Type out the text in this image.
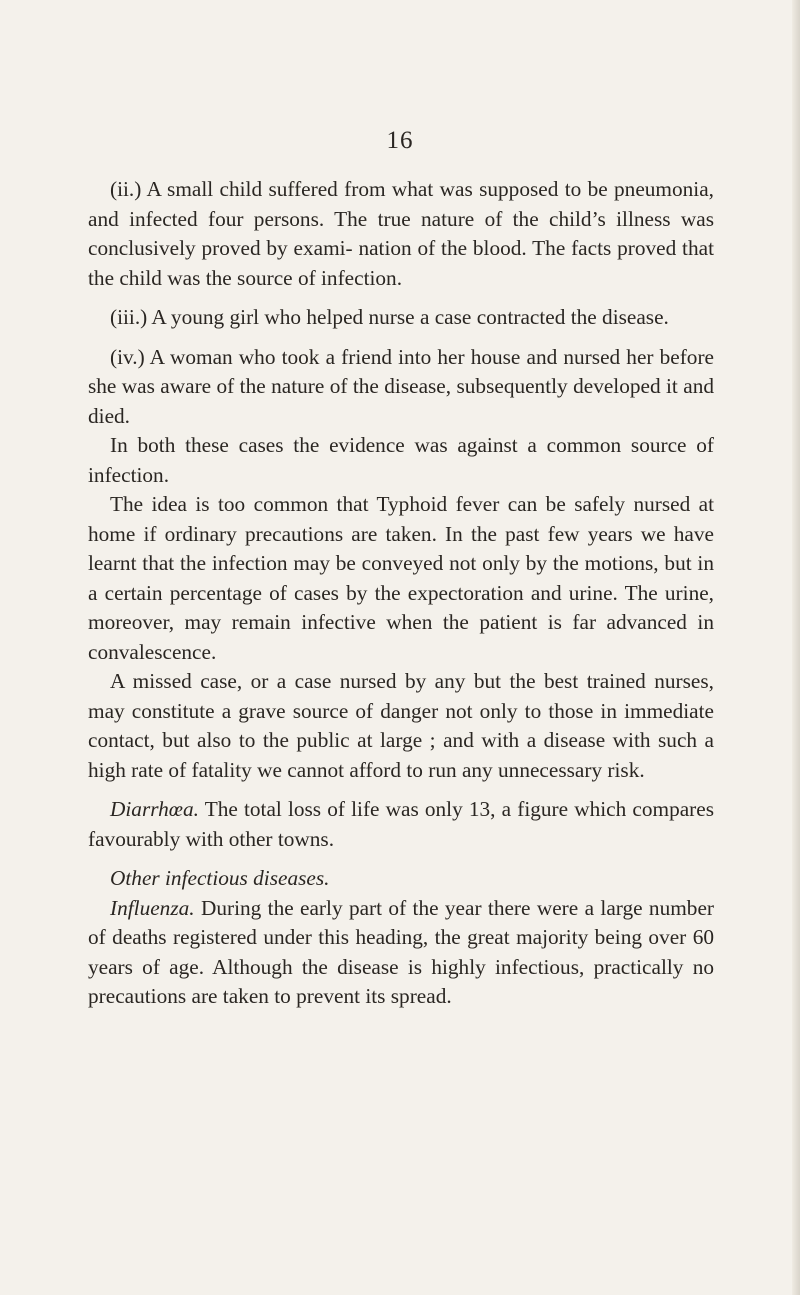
16

(ii.) A small child suffered from what was supposed to be pneumonia, and infected four persons. The true nature of the child’s illness was conclusively proved by exami- nation of the blood. The facts proved that the child was the source of infection.

(iii.) A young girl who helped nurse a case contracted the disease.

(iv.) A woman who took a friend into her house and nursed her before she was aware of the nature of the disease, subsequently developed it and died.

In both these cases the evidence was against a common source of infection.

The idea is too common that Typhoid fever can be safely nursed at home if ordinary precautions are taken. In the past few years we have learnt that the infection may be conveyed not only by the motions, but in a certain percentage of cases by the expectoration and urine. The urine, moreover, may remain infective when the patient is far advanced in convalescence.

A missed case, or a case nursed by any but the best trained nurses, may constitute a grave source of danger not only to those in immediate contact, but also to the public at large ; and with a disease with such a high rate of fatality we cannot afford to run any unnecessary risk.

Diarrhœa. The total loss of life was only 13, a figure which compares favourably with other towns.

Other infectious diseases.

Influenza. During the early part of the year there were a large number of deaths registered under this heading, the great majority being over 60 years of age. Although the disease is highly infectious, practically no precautions are taken to prevent its spread.
